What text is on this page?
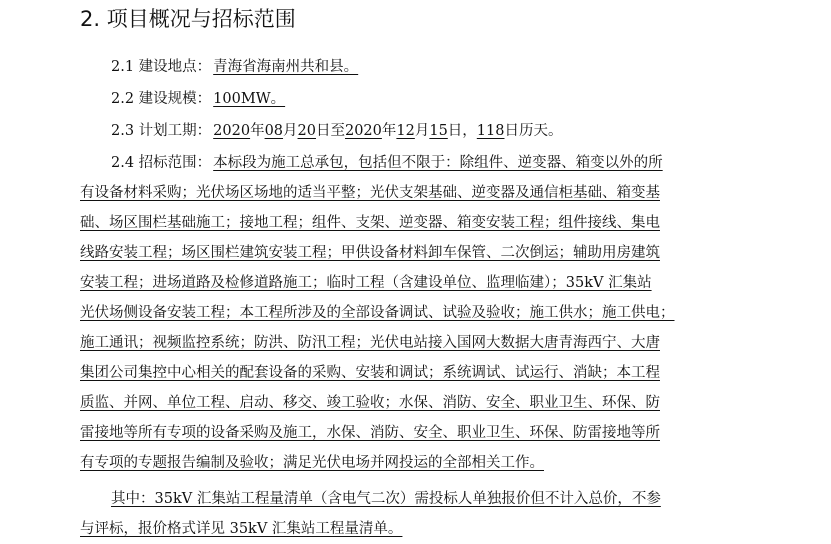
2. 项目概况与招标范围
2.1 建设地点： 青海省海南州共和县。
2.2 建设规模： 100MW。
2.3 计划工期： 2020年08月20日至2020年12月15日，118日历天。
2.4 招标范围： 本标段为施工总承包，包括但不限于：除组件、逆变器、箱变以外的所
有设备材料采购；光伏场区场地的适当平整；光伏支架基础、逆变器及通信柜基础、箱变基
础、场区围栏基础施工；接地工程；组件、支架、逆变器、箱变安装工程；组件接线、集电
线路安装工程；场区围栏建筑安装工程；甲供设备材料卸车保管、二次倒运；辅助用房建筑
安装工程；进场道路及检修道路施工；临时工程（含建设单位、监理临建）；35kV 汇集站
光伏场侧设备安装工程；本工程所涉及的全部设备调试、试验及验收；施工供水；施工供电；
施工通讯；视频监控系统；防洪、防汛工程；光伏电站接入国网大数据大唐青海西宁、大唐
集团公司集控中心相关的配套设备的采购、安装和调试；系统调试、试运行、消缺；本工程
质监、并网、单位工程、启动、移交、竣工验收；水保、消防、安全、职业卫生、环保、防
雷接地等所有专项的设备采购及施工，水保、消防、安全、职业卫生、环保、防雷接地等所
有专项的专题报告编制及验收；满足光伏电场并网投运的全部相关工作。
其中：35kV 汇集站工程量清单（含电气二次）需投标人单独报价但不计入总价，不参
与评标，报价格式详见 35kV 汇集站工程量清单。
